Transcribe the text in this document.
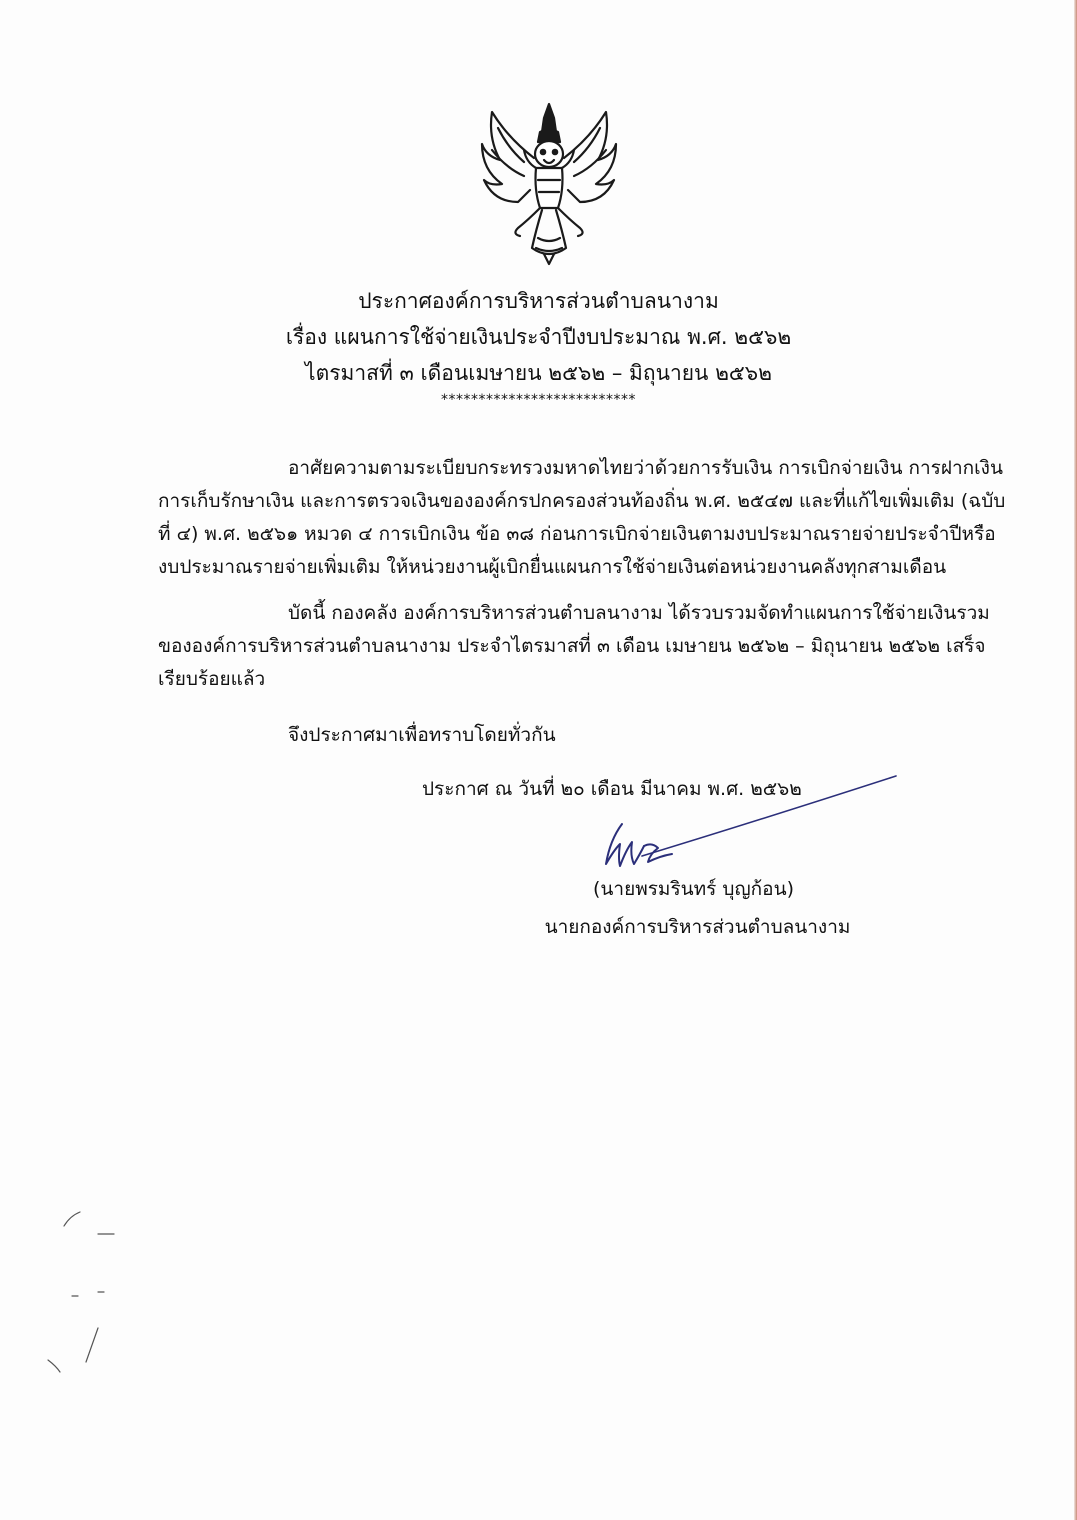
ประกาศองค์การบริหารส่วนตำบลนางาม
เรื่อง แผนการใช้จ่ายเงินประจำปีงบประมาณ พ.ศ. ๒๕๖๒
ไตรมาสที่ ๓ เดือนเมษายน ๒๕๖๒ – มิถุนายน ๒๕๖๒
**************************
อาศัยความตามระเบียบกระทรวงมหาดไทยว่าด้วยการรับเงิน การเบิกจ่ายเงิน การฝากเงิน
การเก็บรักษาเงิน และการตรวจเงินขององค์กรปกครองส่วนท้องถิ่น พ.ศ. ๒๕๔๗ และที่แก้ไขเพิ่มเติม (ฉบับ
ที่ ๔) พ.ศ. ๒๕๖๑ หมวด ๔ การเบิกเงิน ข้อ ๓๘ ก่อนการเบิกจ่ายเงินตามงบประมาณรายจ่ายประจำปีหรือ
งบประมาณรายจ่ายเพิ่มเติม ให้หน่วยงานผู้เบิกยื่นแผนการใช้จ่ายเงินต่อหน่วยงานคลังทุกสามเดือน
บัดนี้ กองคลัง องค์การบริหารส่วนตำบลนางาม ได้รวบรวมจัดทำแผนการใช้จ่ายเงินรวม
ขององค์การบริหารส่วนตำบลนางาม ประจำไตรมาสที่ ๓ เดือน เมษายน ๒๕๖๒ – มิถุนายน ๒๕๖๒ เสร็จ
เรียบร้อยแล้ว
จึงประกาศมาเพื่อทราบโดยทั่วกัน
ประกาศ ณ วันที่ ๒๐ เดือน มีนาคม พ.ศ. ๒๕๖๒
(นายพรมรินทร์ บุญก้อน)
นายกองค์การบริหารส่วนตำบลนางาม
